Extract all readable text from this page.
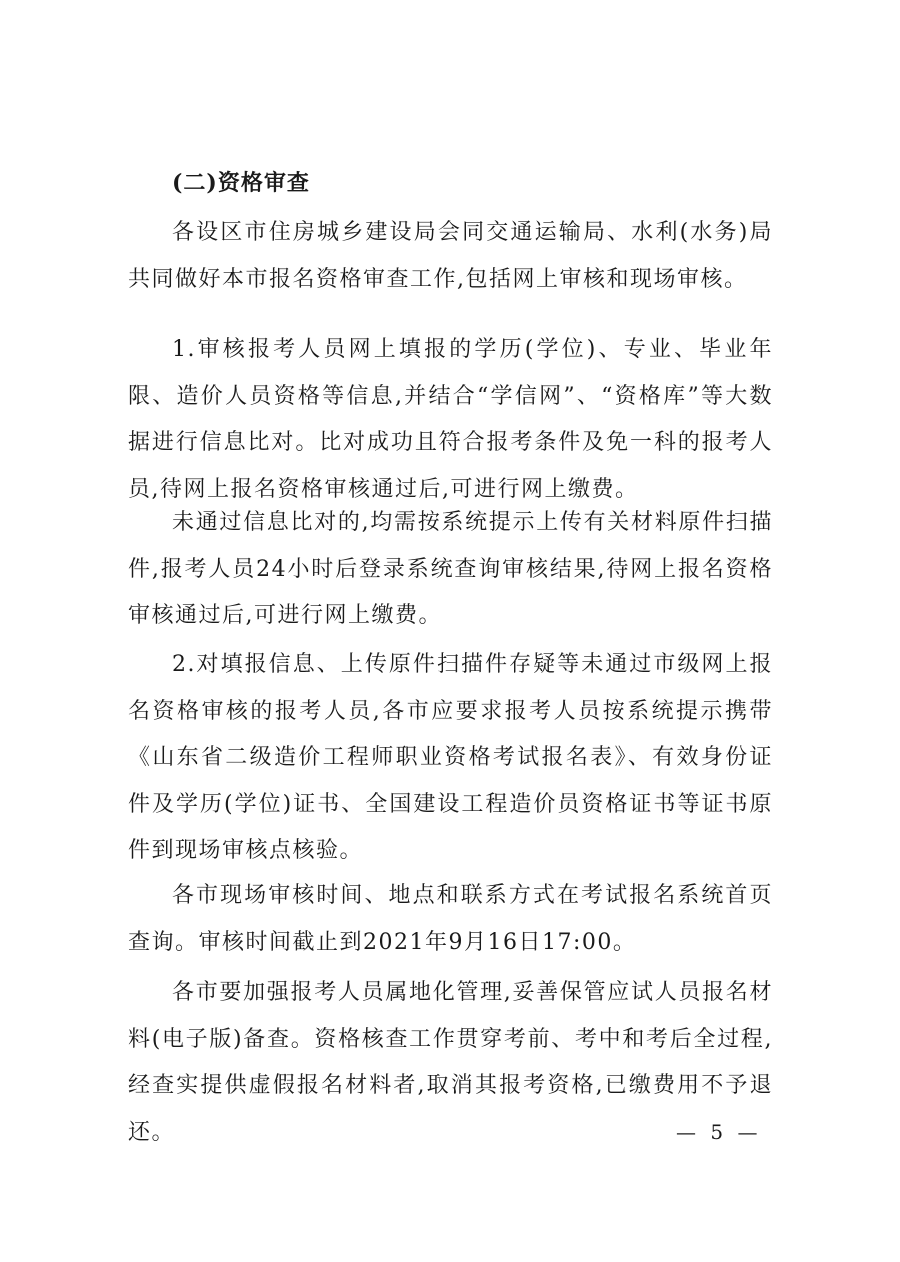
(二)资格审查
各设区市住房城乡建设局会同交通运输局、水利(水务)局共同做好本市报名资格审查工作,包括网上审核和现场审核。
1.审核报考人员网上填报的学历(学位)、专业、毕业年限、造价人员资格等信息,并结合“学信网”、“资格库”等大数据进行信息比对。比对成功且符合报考条件及免一科的报考人员,待网上报名资格审核通过后,可进行网上缴费。
未通过信息比对的,均需按系统提示上传有关材料原件扫描件,报考人员24小时后登录系统查询审核结果,待网上报名资格审核通过后,可进行网上缴费。
2.对填报信息、上传原件扫描件存疑等未通过市级网上报名资格审核的报考人员,各市应要求报考人员按系统提示携带《山东省二级造价工程师职业资格考试报名表》、有效身份证件及学历(学位)证书、全国建设工程造价员资格证书等证书原件到现场审核点核验。
各市现场审核时间、地点和联系方式在考试报名系统首页查询。审核时间截止到2021年9月16日17:00。
各市要加强报考人员属地化管理,妥善保管应试人员报名材料(电子版)备查。资格核查工作贯穿考前、考中和考后全过程,经查实提供虚假报名材料者,取消其报考资格,已缴费用不予退还。	— 5 —
